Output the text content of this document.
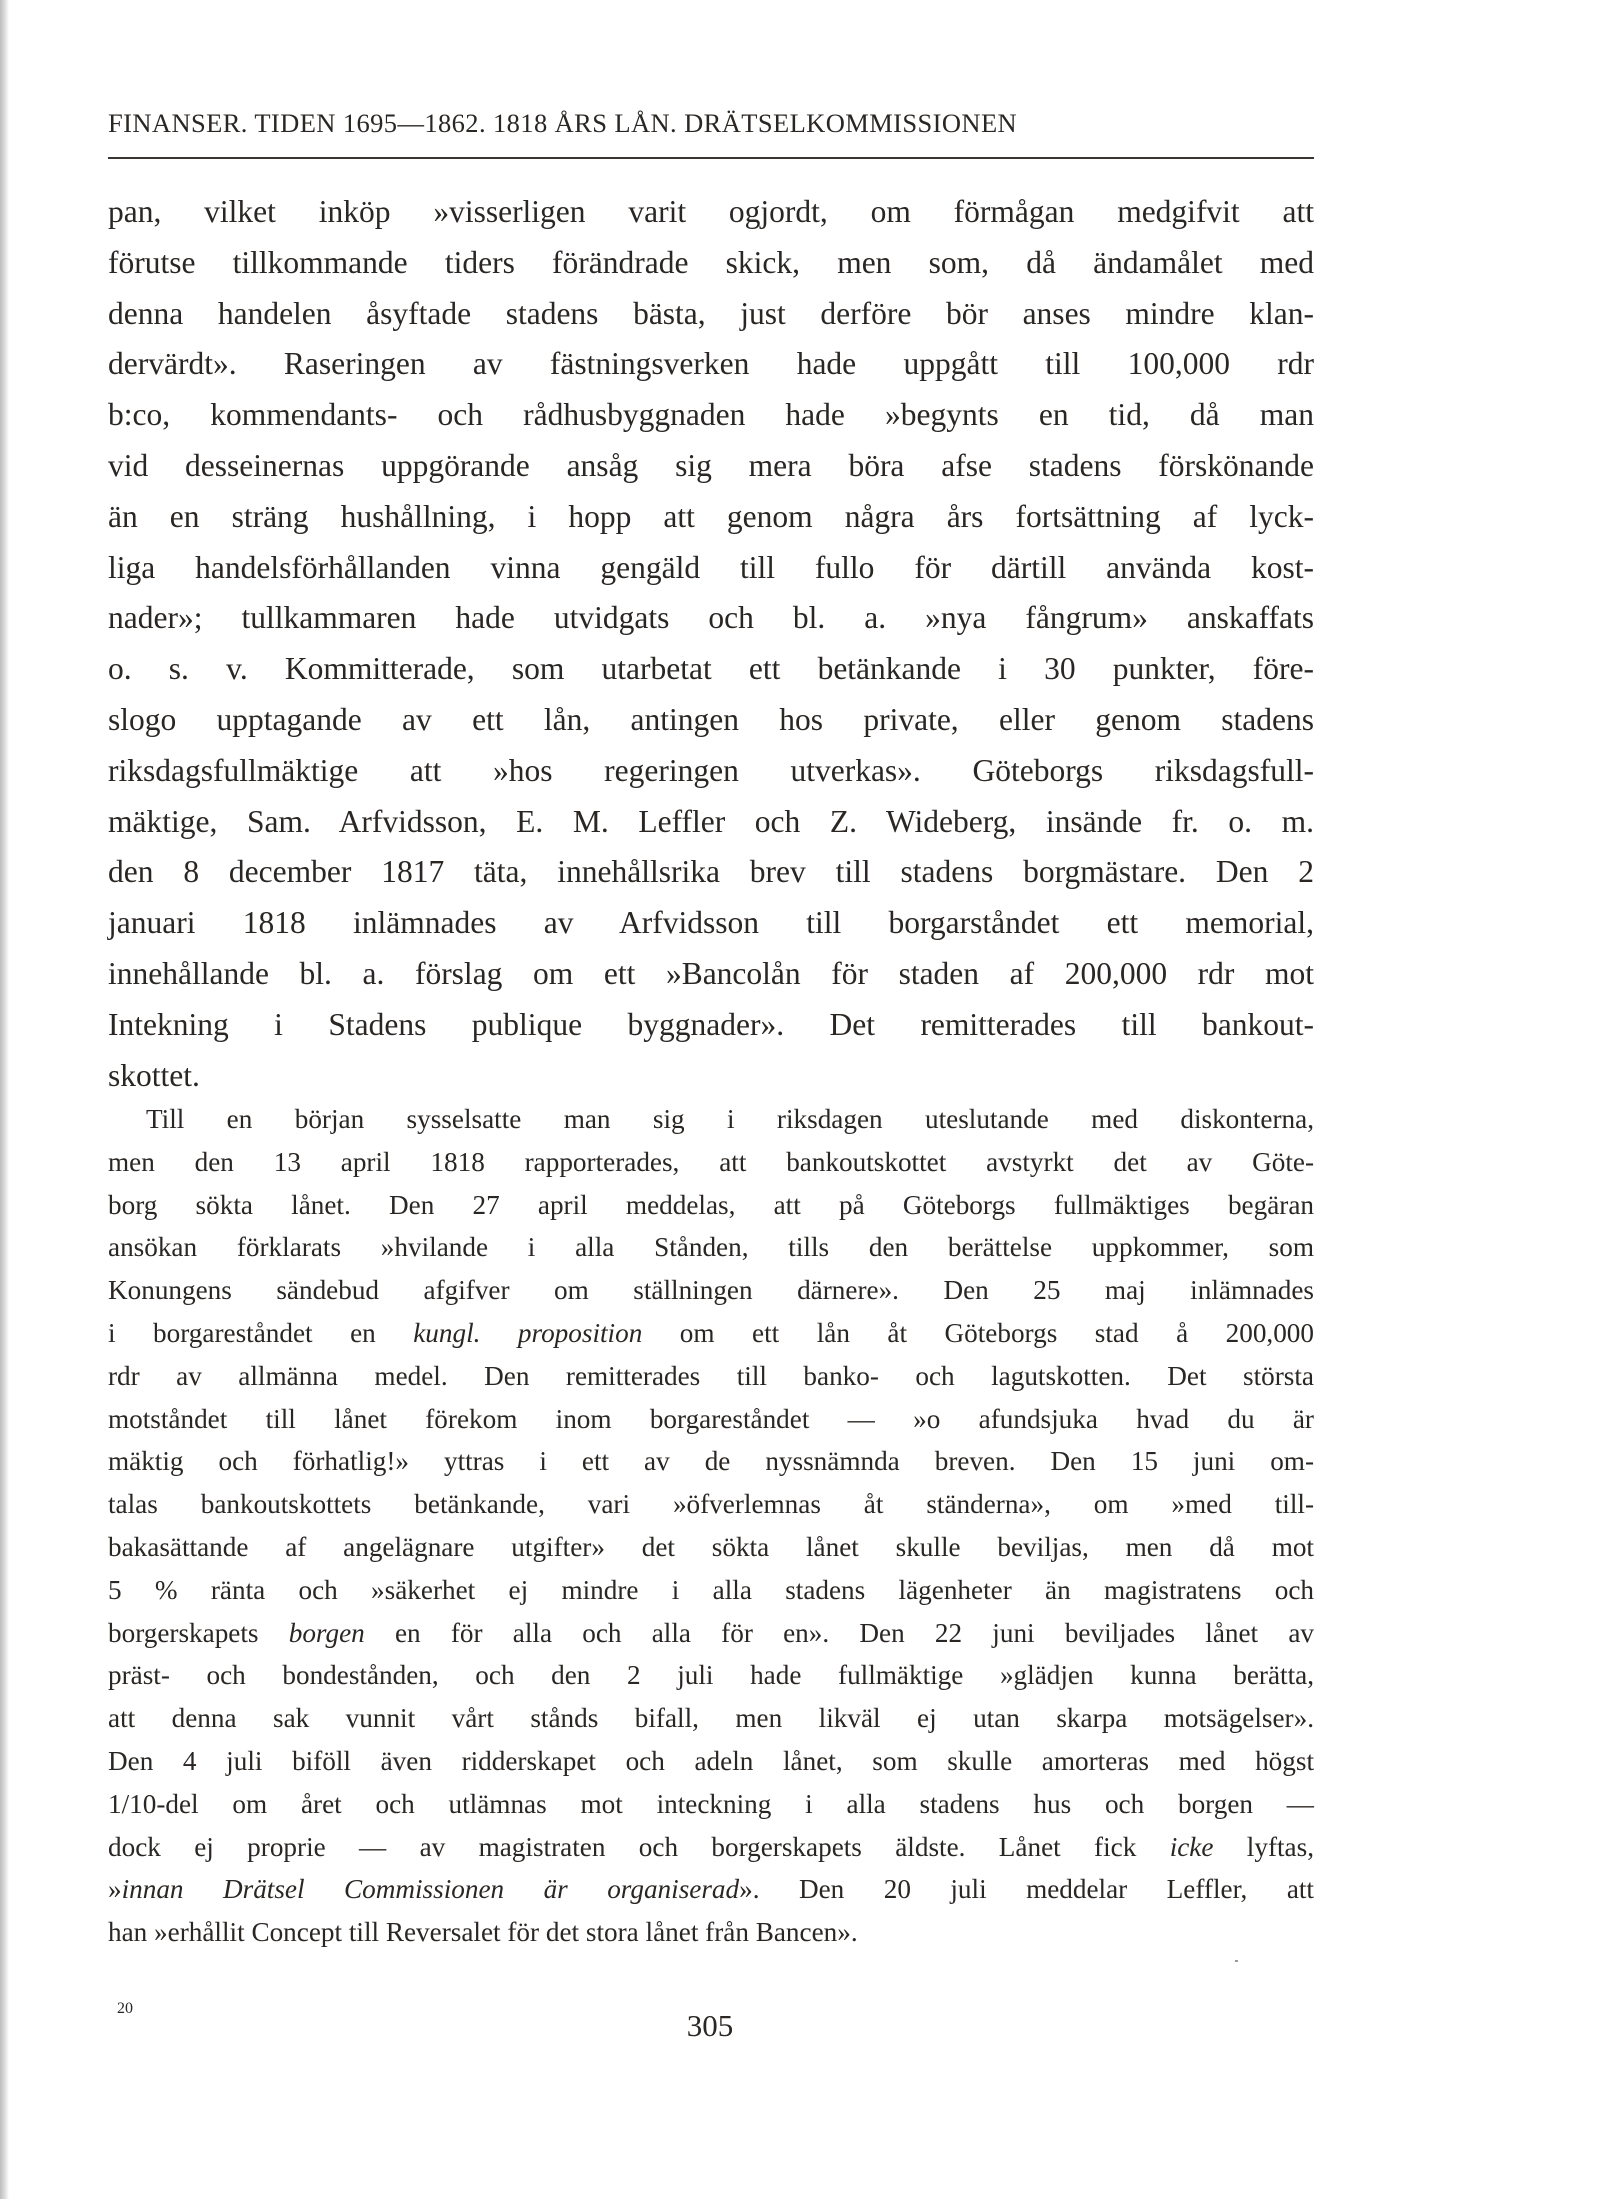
FINANSER. TIDEN 1695—1862. 1818 ÅRS LÅN. DRÄTSELKOMMISSIONEN
pan, vilket inköp »visserligen varit ogjordt, om förmågan medgifvit att
förutse tillkommande tiders förändrade skick, men som, då ändamålet med
denna handelen åsyftade stadens bästa, just derföre bör anses mindre klan-
dervärdt». Raseringen av fästningsverken hade uppgått till 100,000 rdr
b:co, kommendants- och rådhusbyggnaden hade »begynts en tid, då man
vid desseinernas uppgörande ansåg sig mera böra afse stadens förskönande
än en sträng hushållning, i hopp att genom några års fortsättning af lyck-
liga handelsförhållanden vinna gengäld till fullo för därtill använda kost-
nader»; tullkammaren hade utvidgats och bl. a. »nya fångrum» anskaffats
o. s. v. Kommitterade, som utarbetat ett betänkande i 30 punkter, före-
slogo upptagande av ett lån, antingen hos private, eller genom stadens
riksdagsfullmäktige att »hos regeringen utverkas». Göteborgs riksdagsfull-
mäktige, Sam. Arfvidsson, E. M. Leffler och Z. Wideberg, insände fr. o. m.
den 8 december 1817 täta, innehållsrika brev till stadens borgmästare. Den 2
januari 1818 inlämnades av Arfvidsson till borgarståndet ett memorial,
innehållande bl. a. förslag om ett »Bancolån för staden af 200,000 rdr mot
Intekning i Stadens publique byggnader». Det remitterades till bankout-
skottet.
Till en början sysselsatte man sig i riksdagen uteslutande med diskonterna,
men den 13 april 1818 rapporterades, att bankoutskottet avstyrkt det av Göte-
borg sökta lånet. Den 27 april meddelas, att på Göteborgs fullmäktiges begäran
ansökan förklarats »hvilande i alla Stånden, tills den berättelse uppkommer, som
Konungens sändebud afgifver om ställningen därnere». Den 25 maj inlämnades
i borgareståndet en kungl. proposition om ett lån åt Göteborgs stad å 200,000
rdr av allmänna medel. Den remitterades till banko- och lagutskotten. Det största
motståndet till lånet förekom inom borgareståndet — »o afundsjuka hvad du är
mäktig och förhatlig!» yttras i ett av de nyssnämnda breven. Den 15 juni om-
talas bankoutskottets betänkande, vari »öfverlemnas åt ständerna», om »med till-
bakasättande af angelägnare utgifter» det sökta lånet skulle beviljas, men då mot
5 % ränta och »säkerhet ej mindre i alla stadens lägenheter än magistratens och
borgerskapets borgen en för alla och alla för en». Den 22 juni beviljades lånet av
präst- och bondestånden, och den 2 juli hade fullmäktige »glädjen kunna berätta,
att denna sak vunnit vårt stånds bifall, men likväl ej utan skarpa motsägelser».
Den 4 juli biföll även ridderskapet och adeln lånet, som skulle amorteras med högst
1/10-del om året och utlämnas mot inteckning i alla stadens hus och borgen —
dock ej proprie — av magistraten och borgerskapets äldste. Lånet fick icke lyftas,
»innan Drätsel Commissionen är organiserad». Den 20 juli meddelar Leffler, att
han »erhållit Concept till Reversalet för det stora lånet från Bancen».
20	305
